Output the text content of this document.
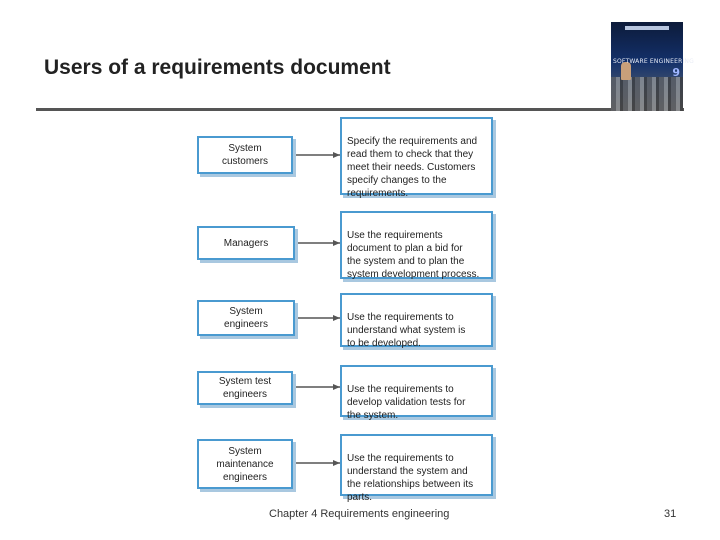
Users of a requirements document	SOFTWARE ENGINEERING
9
System
customers

Specify the requirements and
read them to check that they
meet their needs. Customers
specify changes to the
requirements.

Managers

Use the requirements
document to plan a bid for
the system and to plan the
system development process.

System
engineers

Use the requirements to
understand what system is
to be developed.

System test
engineers	Use the requirements to
develop validation tests for
the system.

System
maintenance
engineers

Use the requirements to
understand the system and
the relationships between its
parts.

Chapter 4 Requirements engineering	31
